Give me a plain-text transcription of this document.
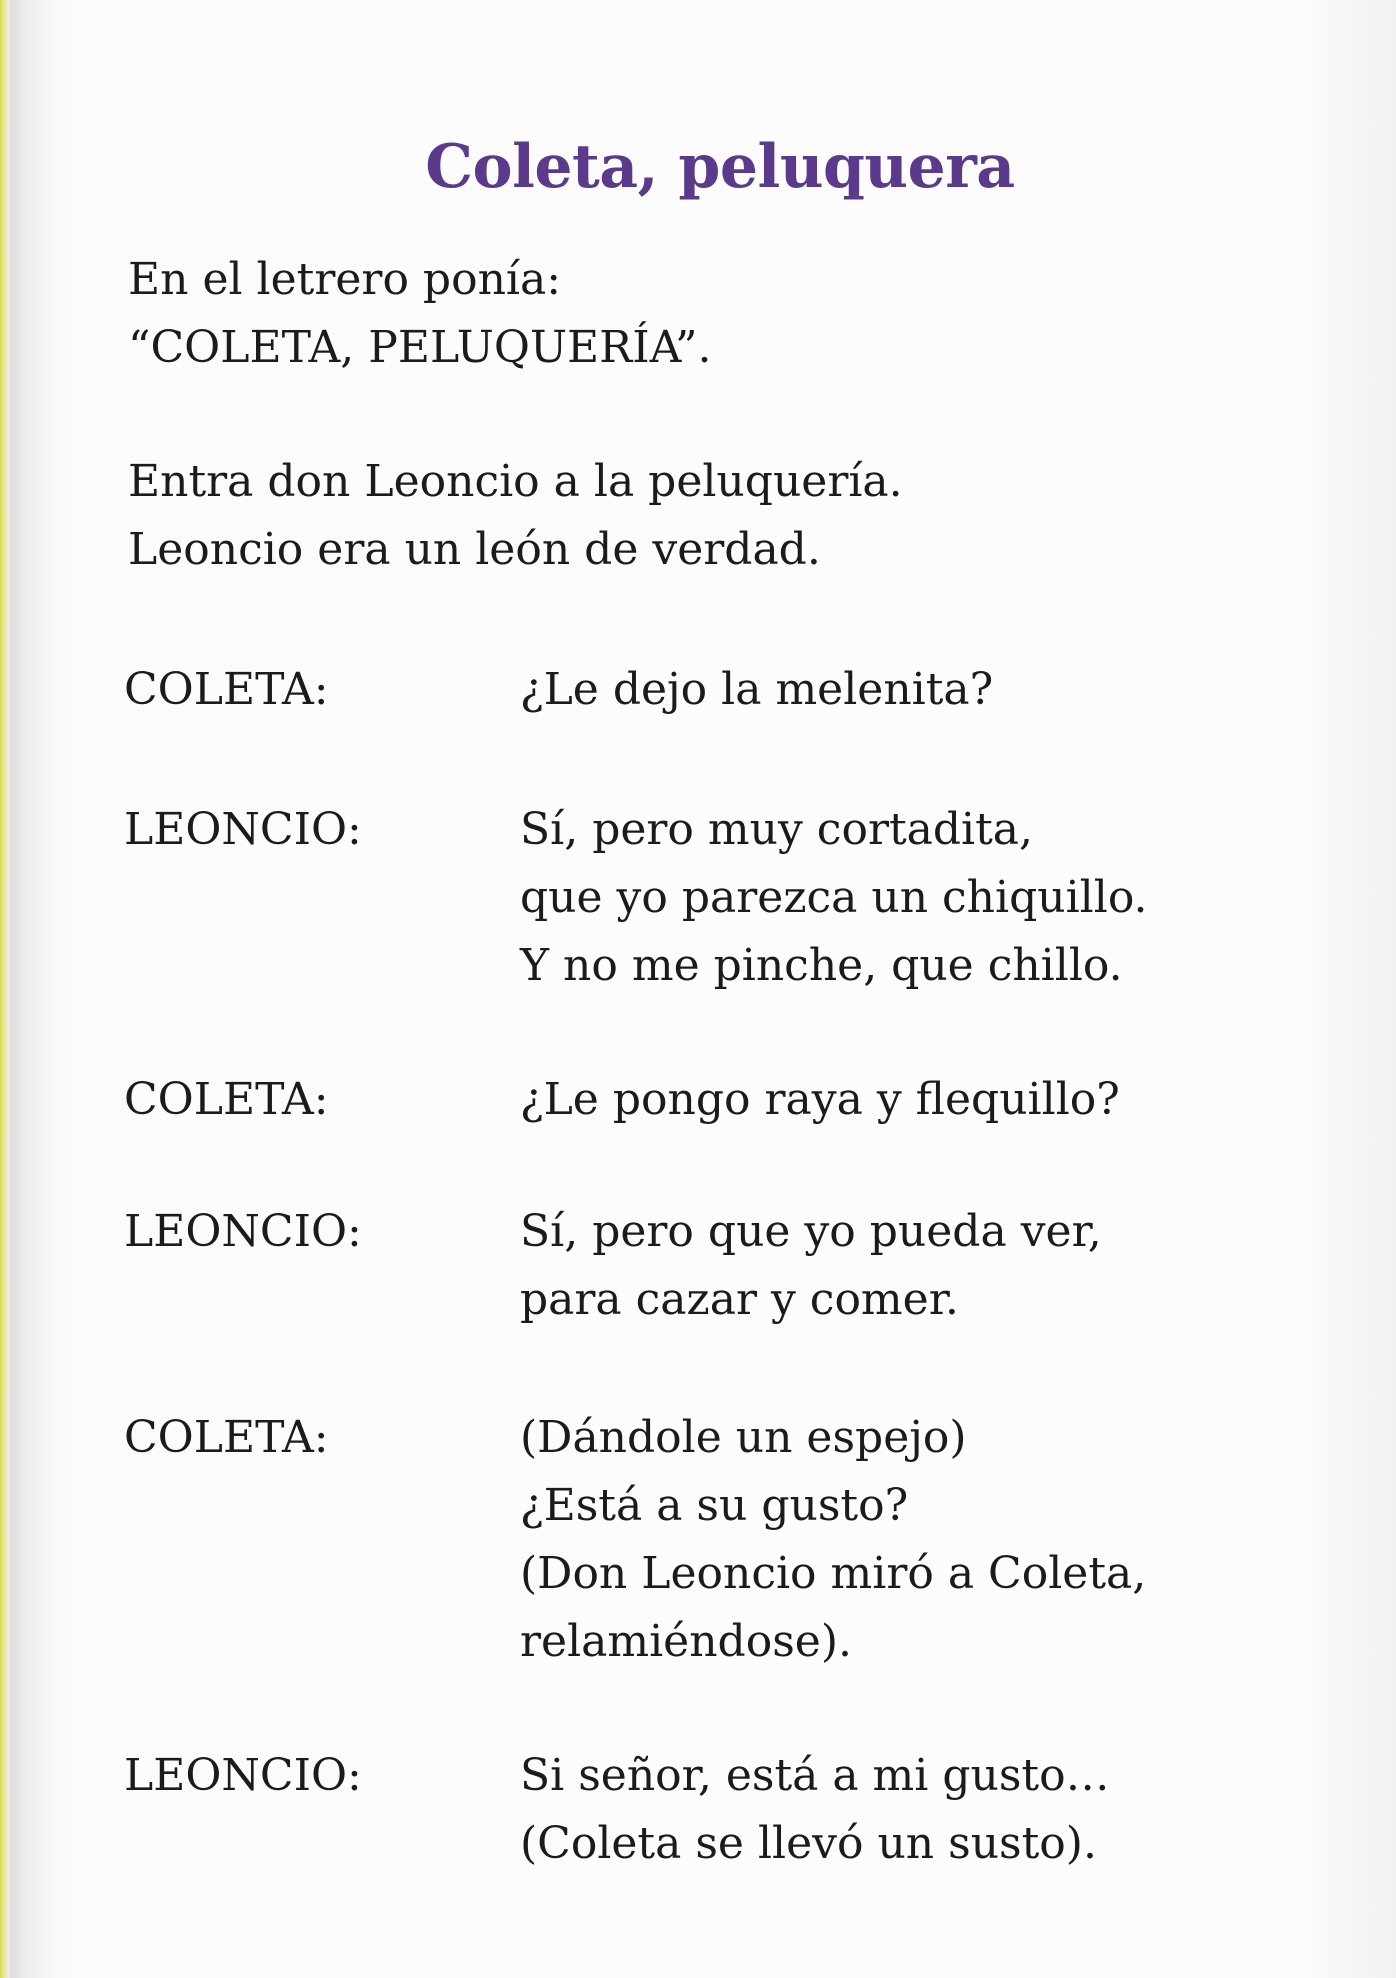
Coleta, peluquera
En el letrero ponía:
“COLETA, PELUQUERÍA”.
Entra don Leoncio a la peluquería.
Leoncio era un león de verdad.
COLETA:	¿Le dejo la melenita?
LEONCIO:	Sí, pero muy cortadita,
que yo parezca un chiquillo.
Y no me pinche, que chillo.
COLETA:	¿Le pongo raya y flequillo?
LEONCIO:	Sí, pero que yo pueda ver,
para cazar y comer.
COLETA:	(Dándole un espejo)
¿Está a su gusto?
(Don Leoncio miró a Coleta,
relamiéndose).
LEONCIO:	Si señor, está a mi gusto…
(Coleta se llevó un susto).
